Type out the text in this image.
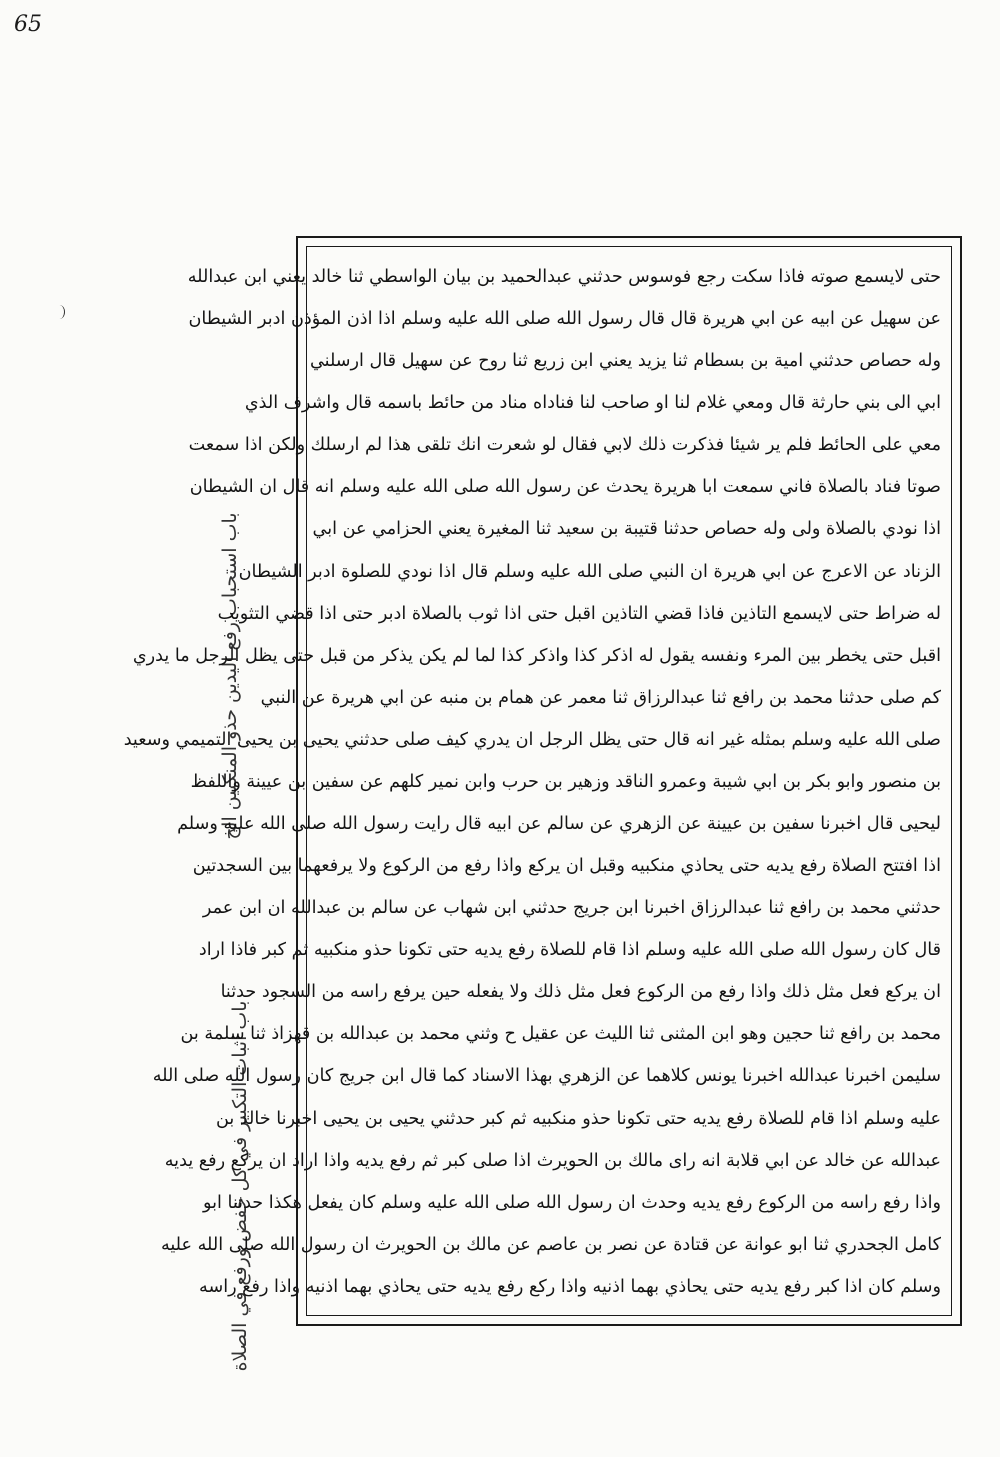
65
باب استحباب رفع اليدين حذو المنكبين الخ
باب اثبات التكبير في كل خفض ورفع في الصلاة
حتى لايسمع صوته فاذا سكت رجع فوسوس حدثني عبدالحميد بن بيان الواسطي ثنا خالد يعني ابن عبدالله
عن سهيل عن ابيه عن ابي هريرة قال قال رسول الله صلى الله عليه وسلم اذا اذن المؤذن ادبر الشيطان
وله حصاص حدثني امية بن بسطام ثنا يزيد يعني ابن زريع ثنا روح عن سهيل قال ارسلني
ابي الى بني حارثة قال ومعي غلام لنا او صاحب لنا فناداه مناد من حائط باسمه قال واشرف الذي
معي على الحائط فلم ير شيئا فذكرت ذلك لابي فقال لو شعرت انك تلقى هذا لم ارسلك ولكن اذا سمعت
صوتا فناد بالصلاة فاني سمعت ابا هريرة يحدث عن رسول الله صلى الله عليه وسلم انه قال ان الشيطان
اذا نودي بالصلاة ولى وله حصاص حدثنا قتيبة بن سعيد ثنا المغيرة يعني الحزامي عن ابي
الزناد عن الاعرج عن ابي هريرة ان النبي صلى الله عليه وسلم قال اذا نودي للصلوة ادبر الشيطان
له ضراط حتى لايسمع التاذين فاذا قضي التاذين اقبل حتى اذا ثوب بالصلاة ادبر حتى اذا قضي التثويب
اقبل حتى يخطر بين المرء ونفسه يقول له اذكر كذا واذكر كذا لما لم يكن يذكر من قبل حتى يظل الرجل ما يدري
كم صلى حدثنا محمد بن رافع ثنا عبدالرزاق ثنا معمر عن همام بن منبه عن ابي هريرة عن النبي
صلى الله عليه وسلم بمثله غير انه قال حتى يظل الرجل ان يدري كيف صلى حدثني يحيى بن يحيى التميمي وسعيد
بن منصور وابو بكر بن ابي شيبة وعمرو الناقد وزهير بن حرب وابن نمير كلهم عن سفين بن عيينة واللفظ
ليحيى قال اخبرنا سفين بن عيينة عن الزهري عن سالم عن ابيه قال رايت رسول الله صلى الله عليه وسلم
اذا افتتح الصلاة رفع يديه حتى يحاذي منكبيه وقبل ان يركع واذا رفع من الركوع ولا يرفعهما بين السجدتين
حدثني محمد بن رافع ثنا عبدالرزاق اخبرنا ابن جريج حدثني ابن شهاب عن سالم بن عبدالله ان ابن عمر
قال كان رسول الله صلى الله عليه وسلم اذا قام للصلاة رفع يديه حتى تكونا حذو منكبيه ثم كبر فاذا اراد
ان يركع فعل مثل ذلك واذا رفع من الركوع فعل مثل ذلك ولا يفعله حين يرفع راسه من السجود حدثنا
محمد بن رافع ثنا حجين وهو ابن المثنى ثنا الليث عن عقيل ح وثني محمد بن عبدالله بن قهزاذ ثنا سلمة بن
سليمن اخبرنا عبدالله اخبرنا يونس كلاهما عن الزهري بهذا الاسناد كما قال ابن جريج كان رسول الله صلى الله
عليه وسلم اذا قام للصلاة رفع يديه حتى تكونا حذو منكبيه ثم كبر حدثني يحيى بن يحيى اخبرنا خالد بن
عبدالله عن خالد عن ابي قلابة انه راى مالك بن الحويرث اذا صلى كبر ثم رفع يديه واذا اراد ان يركع رفع يديه
واذا رفع راسه من الركوع رفع يديه وحدث ان رسول الله صلى الله عليه وسلم كان يفعل هكذا حدثنا ابو
كامل الجحدري ثنا ابو عوانة عن قتادة عن نصر بن عاصم عن مالك بن الحويرث ان رسول الله صلى الله عليه
وسلم كان اذا كبر رفع يديه حتى يحاذي بهما اذنيه واذا ركع رفع يديه حتى يحاذي بهما اذنيه واذا رفع راسه
